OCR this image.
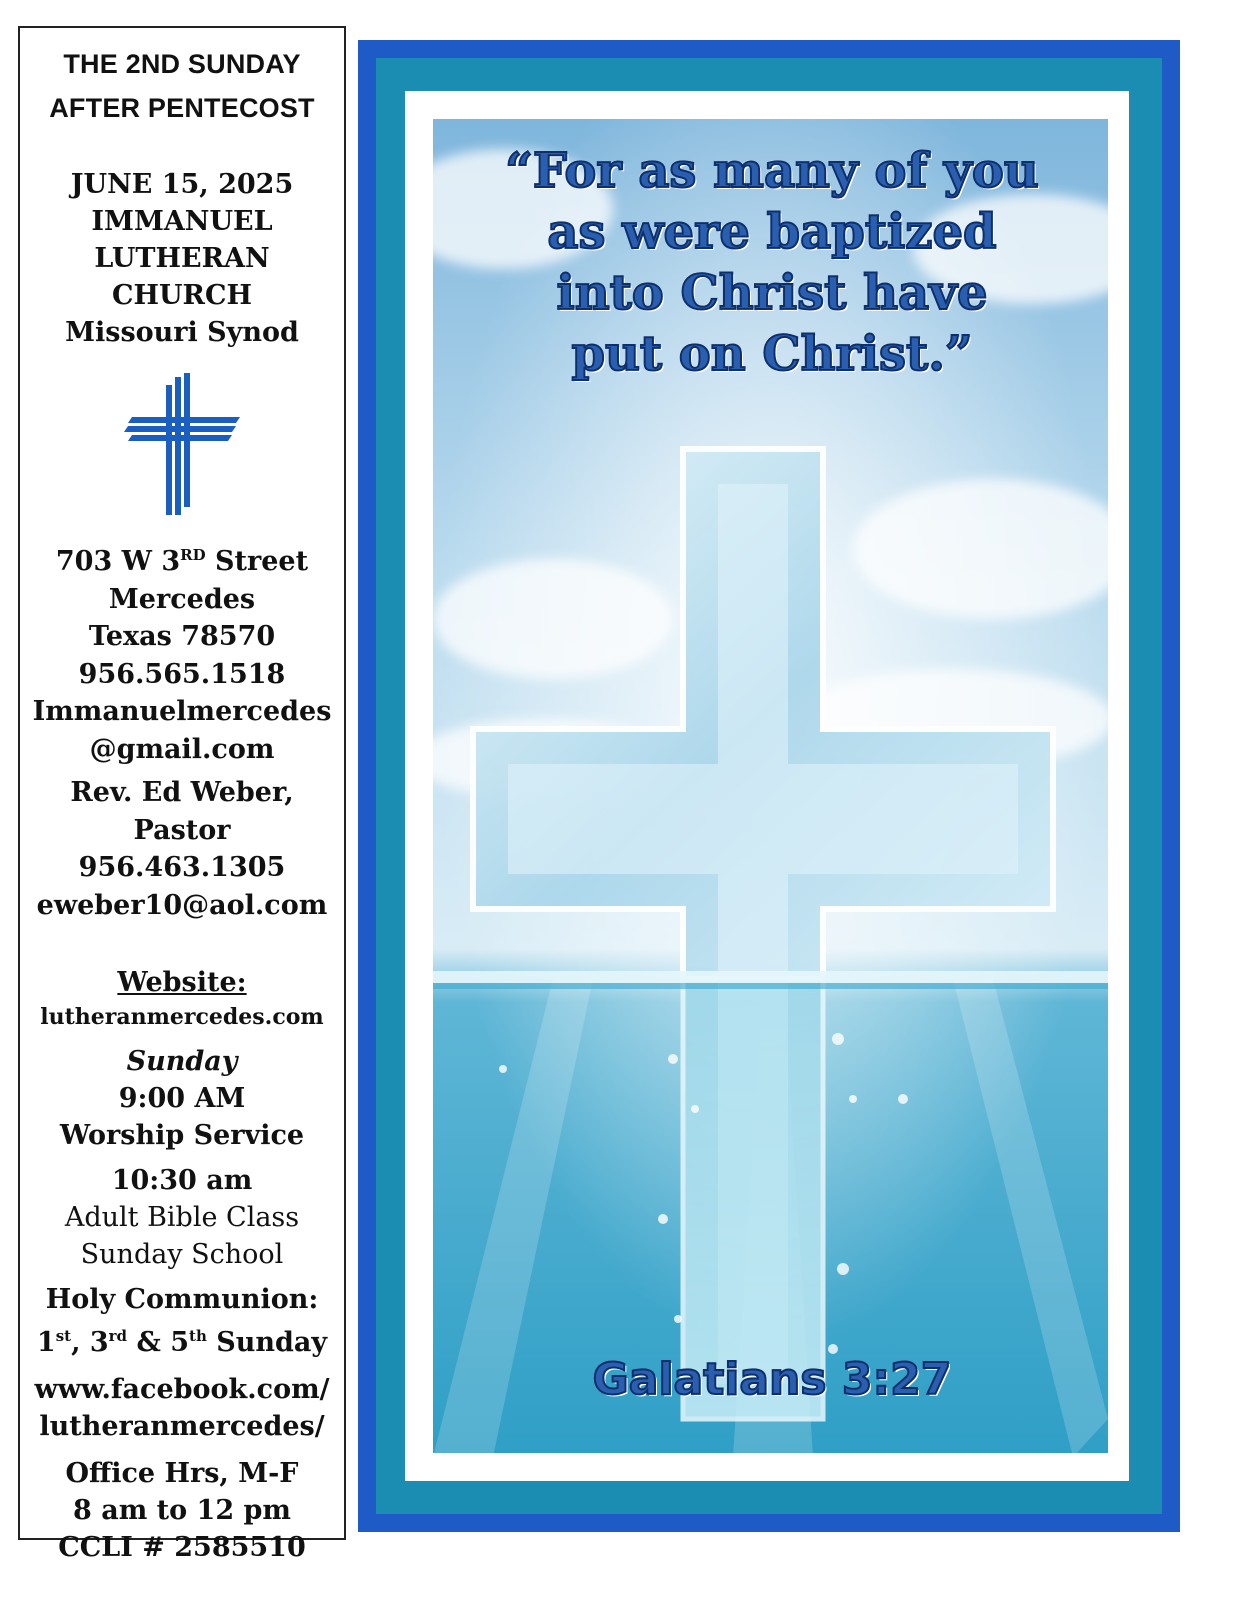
THE 2ND SUNDAY
AFTER PENTECOST
JUNE 15, 2025
IMMANUEL
LUTHERAN
CHURCH
Missouri Synod
703 W 3RD Street
Mercedes
Texas 78570
956.565.1518
Immanuelmercedes
@gmail.com
Rev. Ed Weber, Pastor
956.463.1305
eweber10@aol.com
Website:
lutheranmercedes.com
Sunday
9:00 AM
Worship Service
10:30 am
Adult Bible Class
Sunday School
Holy Communion:
1st, 3rd & 5th Sunday
www.facebook.com/
lutheranmercedes/
Office Hrs, M-F
8 am to 12 pm
CCLI # 2585510
“For as many of you
as were baptized
into Christ have
put on Christ.”
Galatians 3:27
